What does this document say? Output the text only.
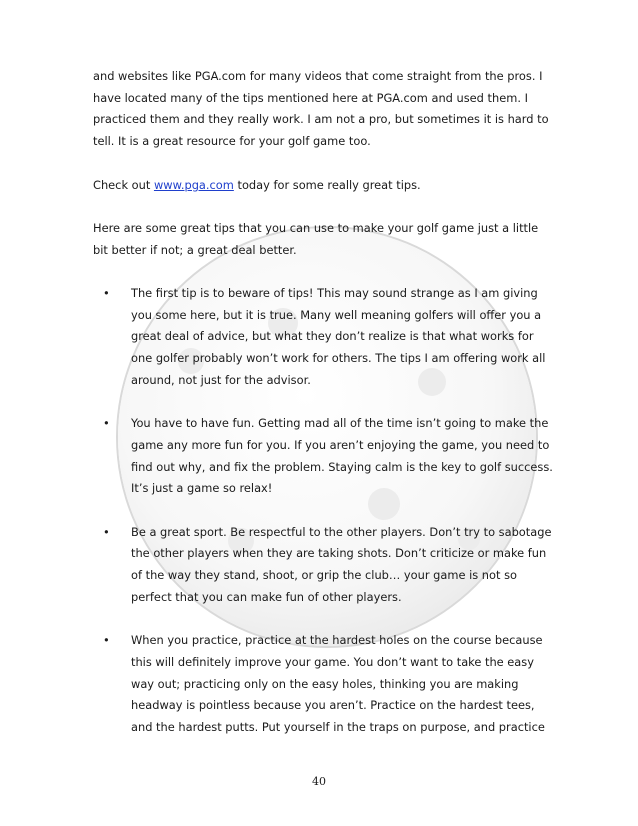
and websites like PGA.com for many videos that come straight from the pros. I have located many of the tips mentioned here at PGA.com and used them. I practiced them and they really work. I am not a pro, but sometimes it is hard to tell. It is a great resource for your golf game too.

Check out www.pga.com today for some really great tips.

Here are some great tips that you can use to make your golf game just a little bit better if not; a great deal better.

• The first tip is to beware of tips! This may sound strange as I am giving you some here, but it is true. Many well meaning golfers will offer you a great deal of advice, but what they don’t realize is that what works for one golfer probably won’t work for others. The tips I am offering work all around, not just for the advisor.
• You have to have fun. Getting mad all of the time isn’t going to make the game any more fun for you. If you aren’t enjoying the game, you need to find out why, and fix the problem. Staying calm is the key to golf success. It’s just a game so relax!
• Be a great sport. Be respectful to the other players. Don’t try to sabotage the other players when they are taking shots. Don’t criticize or make fun of the way they stand, shoot, or grip the club… your game is not so perfect that you can make fun of other players.
• When you practice, practice at the hardest holes on the course because this will definitely improve your game. You don’t want to take the easy way out; practicing only on the easy holes, thinking you are making headway is pointless because you aren’t. Practice on the hardest tees, and the hardest putts. Put yourself in the traps on purpose, and practice
40
